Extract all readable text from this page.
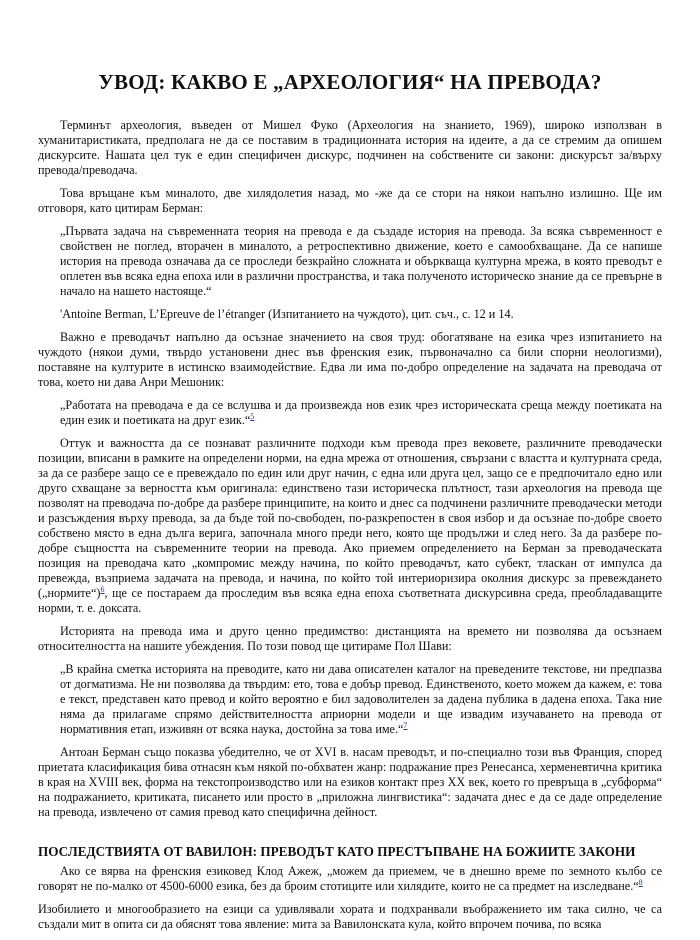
УВОД: КАКВО Е „АРХЕОЛОГИЯ“ НА ПРЕВОДА?

Терминът археология, въведен от Мишел Фуко (Археология на знанието, 1969), широко използван в хуманитаристиката, предполага не да се поставим в традиционната история на идеите, а да се стремим да опишем дискурсите. Нашата цел тук е един специфичен дискурс, подчинен на собствените си закони: дискурсът за/върху превода/преводача.

Това връщане към миналото, две хилядолетия назад, мо -же да се стори на някои напълно излишно. Ще им отговоря, като цитирам Берман:

„Първата задача на съвременната теория на превода е да създаде история на превода. За всяка съвременност е свойствен не поглед, вторачен в миналото, а ретроспективно движение, което е самообхващане. Да се напише история на превода означава да се проследи безкрайно сложната и объркваща културна мрежа, в която преводът е оплетен във всяка една епоха или в различни пространства, и така полученото историческо знание да се превърне в начало на нашето настояще.“

'Antoine Berman, L’Epreuve de l’étranger (Изпитанието на чуждото), цит. съч., с. 12 и 14.

Важно е преводачът напълно да осъзнае значението на своя труд: обогатяване на езика чрез изпитанието на чуждото (някои думи, твърдо установени днес във френския език, първоначално са били спорни неологизми), поставяне на културите в истинско взаимодействие. Едва ли има по-добро определение на задачата на преводача от това, което ни дава Анри Мешоник:

„Работата на преводача е да се вслушва и да произвежда нов език чрез историческата среща между поетиката на един език и поетиката на друг език.“$^5$

Оттук и важността да се познават различните подходи към превода през вековете, различните преводачески позиции, вписани в рамките на определени норми, на една мрежа от отношения, свързани с властта и културната среда, за да се разбере защо се е превеждало по един или друг начин, с една или друга цел, защо се е предпочитало едно или друго схващане за верността към оригинала: единствено тази историческа плътност, тази археология на превода ще позволят на преводача по-добре да разбере принципите, на които и днес са подчинени различните преводачески методи и разсъждения върху превода, за да бъде той по-свободен, по-разкрепостен в своя избор и да осъзнае по-добре своето собствено място в една дълга верига, започнала много преди него, която ще продължи и след него. За да разбере по-добре същността на съвременните теории на превода. Ако приемем определението на Берман за преводаческата позиция на преводача като „компромис между начина, по който преводачът, като субект, тласкан от импулса да превежда, възприема задачата на превода, и начина, по който той интериоризира околния дискурс за превеждането („нормите“)$^6$, ще се постараем да проследим във всяка една епоха съответната дискурсивна среда, преобладаващите норми, т. е. доксата.

Историята на превода има и друго ценно предимство: дистанцията на времето ни позволява да осъзнаем относителността на нашите убеждения. По този повод ще цитираме Пол Шави:

„В крайна сметка историята на преводите, като ни дава описателен каталог на преведените текстове, ни предпазва от догматизма. Не ни позволява да твърдим: ето, това е добър превод. Единственото, което можем да кажем, е: това е текст, представен като превод и който вероятно е бил задоволителен за дадена публика в дадена епоха. Така ние няма да прилагаме спрямо действителността априорни модели и ще извадим изучаването на превода от нормативния етап, изживян от всяка наука, достойна за това име.“$^7$

Антоан Берман също показва убедително, че от XVI в. насам преводът, и по-специално този във Франция, според приетата класификация бива отнасян към някой по-обхватен жанр: подражание през Ренесанса, херменевтична критика в края на XVIII век, форма на текстопроизводство или на езиков контакт през XX век, което го превръща в „субформа“ на подражанието, критиката, писането или просто в „приложна лингвистика“: задачата днес е да се даде определение на превода, извлечено от самия превод като специфична дейност.

ПОСЛЕДСТВИЯТА ОТ ВАВИЛОН: ПРЕВОДЪТ КАТО ПРЕСТЪПВАНЕ НА БОЖИИТЕ ЗАКОНИ

Ако се вярва на френския езиковед Клод Ажеж, „можем да приемем, че в днешно време по земното кълбо се говорят не по-малко от 4500-6000 езика, без да броим стотиците или хилядите, които не са предмет на изследване.“$^8$

Изобилието и многообразието на езици са удивлявали хората и подхранвали въображението им така силно, че са създали мит в опита си да обяснят това явление: мита за Вавилонската кула, който впрочем почива, по всяка
